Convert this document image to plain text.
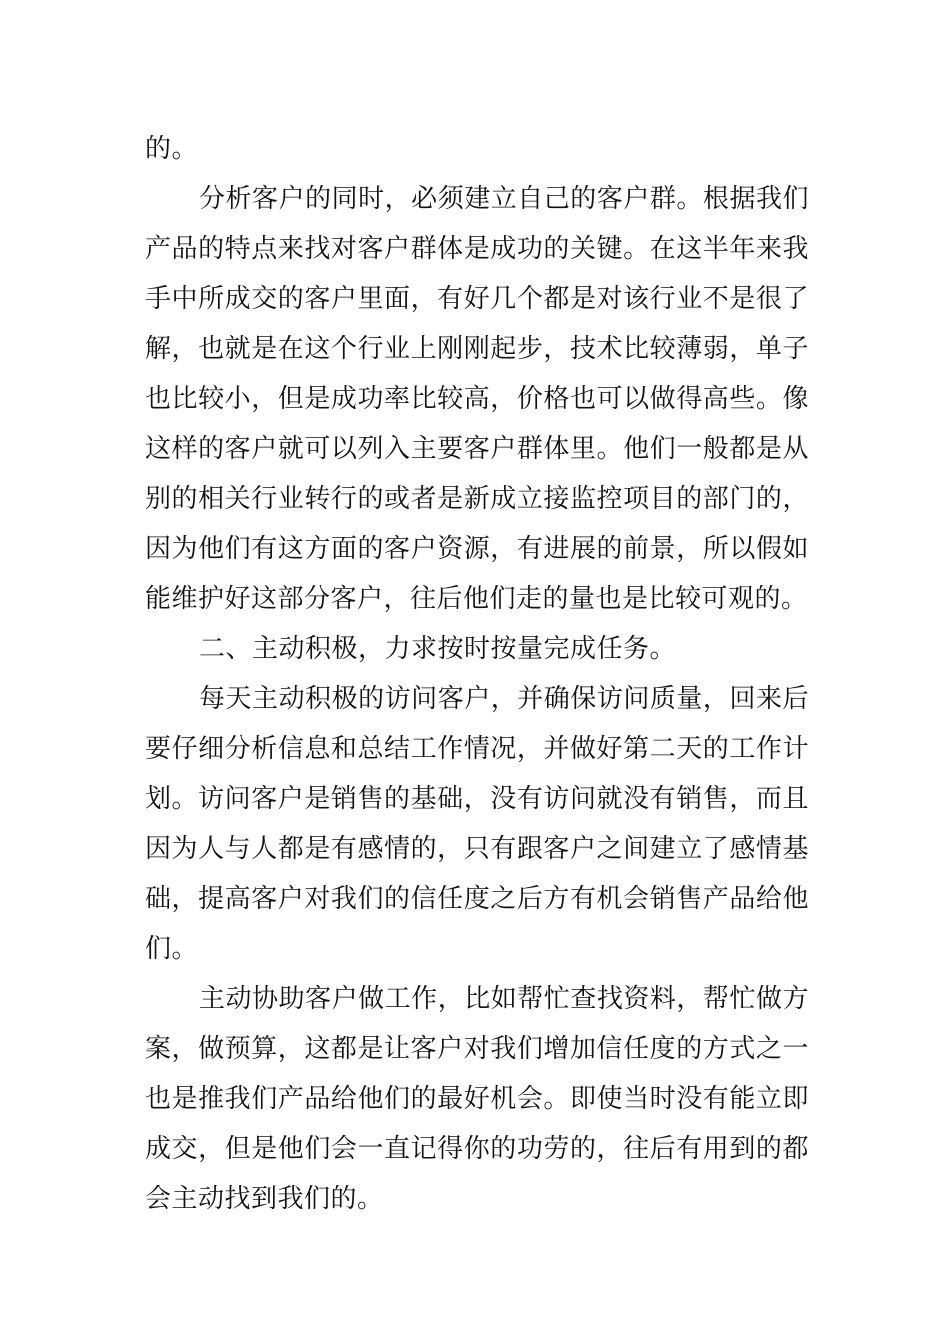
的。

分析客户的同时，必须建立自己的客户群。根据我们产品的特点来找对客户群体是成功的关键。在这半年来我手中所成交的客户里面，有好几个都是对该行业不是很了解，也就是在这个行业上刚刚起步，技术比较薄弱，单子也比较小，但是成功率比较高，价格也可以做得高些。像这样的客户就可以列入主要客户群体里。他们一般都是从别的相关行业转行的或者是新成立接监控项目的部门的，因为他们有这方面的客户资源，有进展的前景，所以假如能维护好这部分客户，往后他们走的量也是比较可观的。

二、主动积极，力求按时按量完成任务。

每天主动积极的访问客户，并确保访问质量，回来后要仔细分析信息和总结工作情况，并做好第二天的工作计划。访问客户是销售的基础，没有访问就没有销售，而且因为人与人都是有感情的，只有跟客户之间建立了感情基础，提高客户对我们的信任度之后方有机会销售产品给他们。

主动协助客户做工作，比如帮忙查找资料，帮忙做方案，做预算，这都是让客户对我们增加信任度的方式之一也是推我们产品给他们的最好机会。即使当时没有能立即成交，但是他们会一直记得你的功劳的，往后有用到的都会主动找到我们的。
